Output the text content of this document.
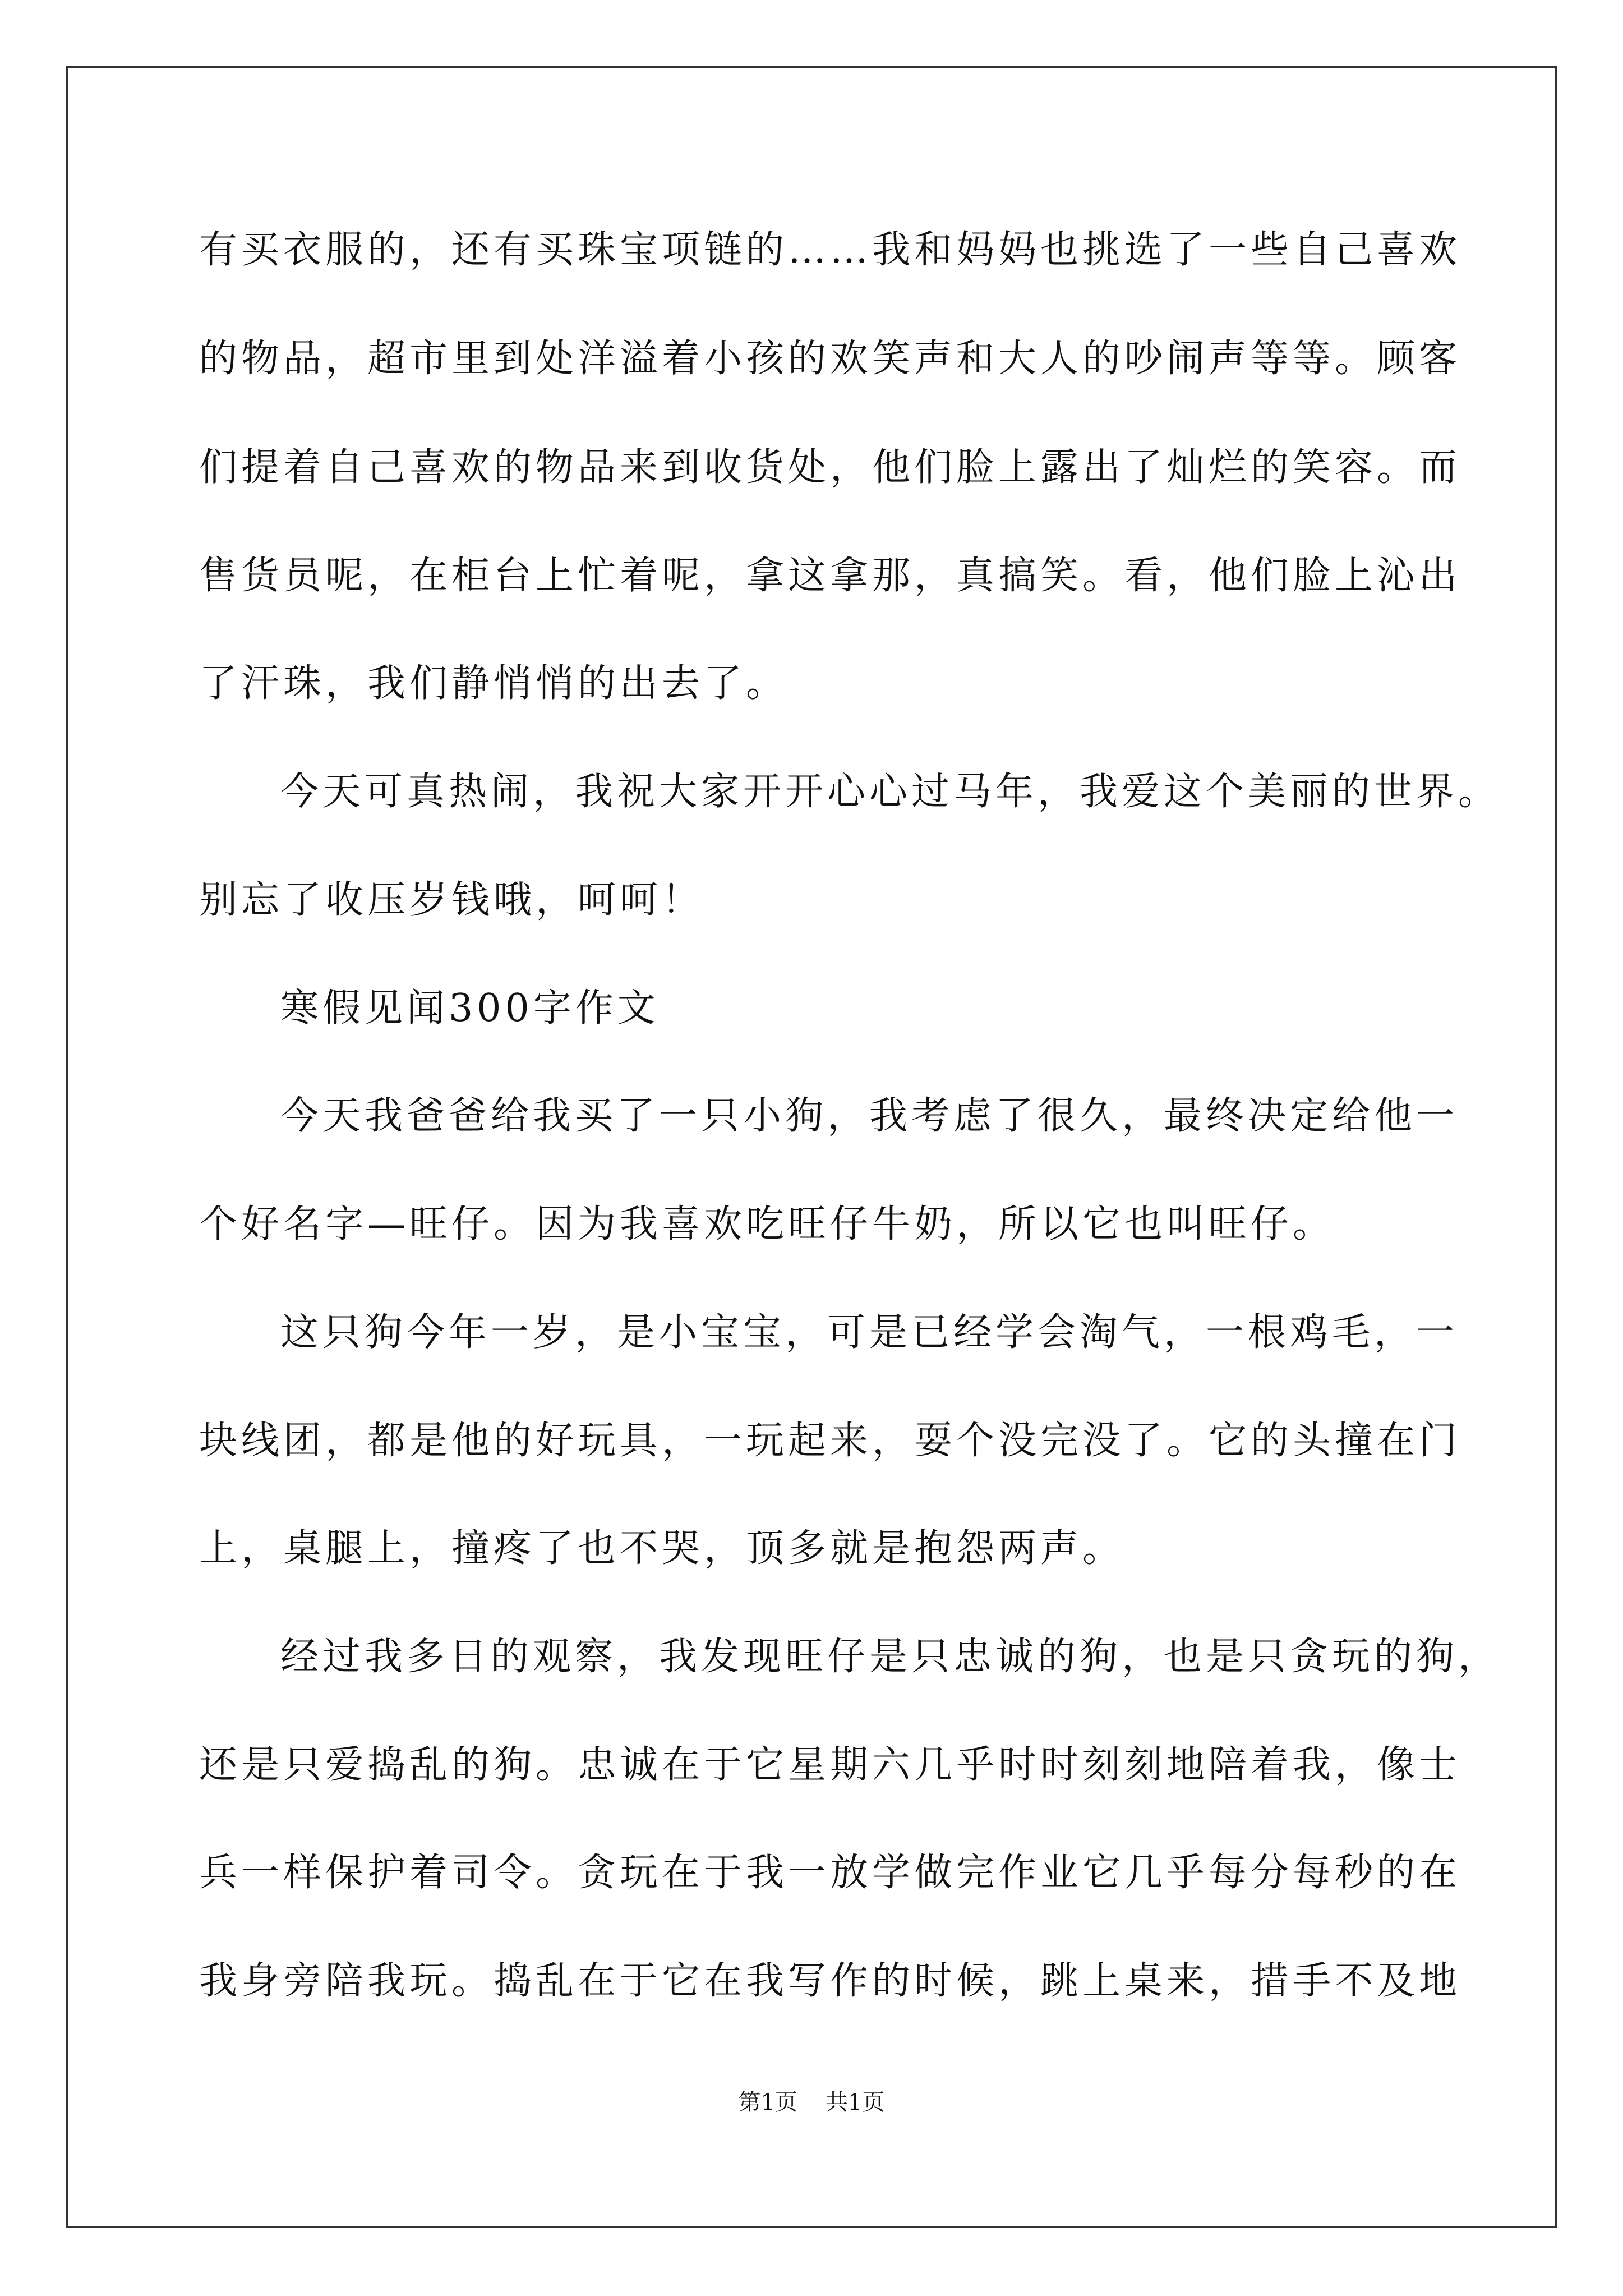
有买衣服的，还有买珠宝项链的……我和妈妈也挑选了一些自己喜欢
的物品，超市里到处洋溢着小孩的欢笑声和大人的吵闹声等等。顾客
们提着自己喜欢的物品来到收货处，他们脸上露出了灿烂的笑容。而
售货员呢，在柜台上忙着呢，拿这拿那，真搞笑。看，他们脸上沁出
了汗珠，我们静悄悄的出去了。
今天可真热闹，我祝大家开开心心过马年，我爱这个美丽的世界。
别忘了收压岁钱哦，呵呵！
寒假见闻300字作文
今天我爸爸给我买了一只小狗，我考虑了很久，最终决定给他一
个好名字—旺仔。因为我喜欢吃旺仔牛奶，所以它也叫旺仔。
这只狗今年一岁，是小宝宝，可是已经学会淘气，一根鸡毛，一
块线团，都是他的好玩具，一玩起来，耍个没完没了。它的头撞在门
上，桌腿上，撞疼了也不哭，顶多就是抱怨两声。
经过我多日的观察，我发现旺仔是只忠诚的狗，也是只贪玩的狗，
还是只爱捣乱的狗。忠诚在于它星期六几乎时时刻刻地陪着我，像士
兵一样保护着司令。贪玩在于我一放学做完作业它几乎每分每秒的在
我身旁陪我玩。捣乱在于它在我写作的时候，跳上桌来，措手不及地
第1页 共1页
